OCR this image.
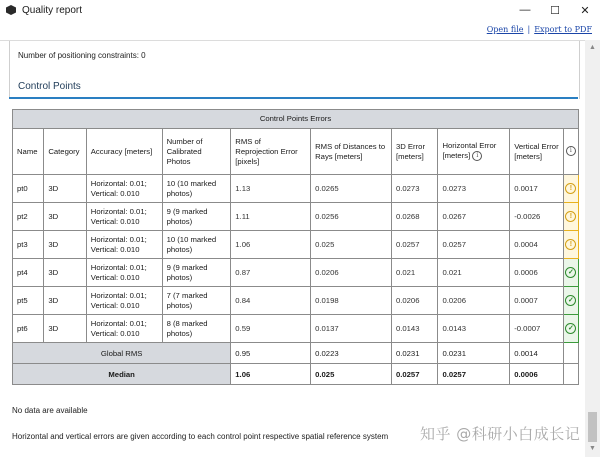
Quality report	—	☐	✕
Open file | Export to PDF
Number of positioning constraints: 0
Control Points
Control Points Errors									
Name	Category	Accuracy [meters]	Number of Calibrated Photos	RMS of Reprojection Error [pixels]	RMS of Distances to Rays [meters]	3D Error [meters]	Horizontal Error [meters] i	Vertical Error [meters]	i
pt0	3D	Horizontal: 0.01;
Vertical: 0.010	10 (10 marked photos)	1.13	0.0265	0.0273	0.0273	0.0017	!
pt2	3D	Horizontal: 0.01;
Vertical: 0.010	9 (9 marked photos)	1.11	0.0256	0.0268	0.0267	-0.0026	!
pt3	3D	Horizontal: 0.01;
Vertical: 0.010	10 (10 marked photos)	1.06	0.025	0.0257	0.0257	0.0004	!
pt4	3D	Horizontal: 0.01;
Vertical: 0.010	9 (9 marked photos)	0.87	0.0206	0.021	0.021	0.0006	✓
pt5	3D	Horizontal: 0.01;
Vertical: 0.010	7 (7 marked photos)	0.84	0.0198	0.0206	0.0206	0.0007	✓
pt6	3D	Horizontal: 0.01;
Vertical: 0.010	8 (8 marked photos)	0.59	0.0137	0.0143	0.0143	-0.0007	✓
Global RMS				0.95	0.0223	0.0231	0.0231	0.0014	
Median				1.06	0.025	0.0257	0.0257	0.0006	
No data are available
Horizontal and vertical errors are given according to each control point respective spatial reference system 知乎 @科研小白成长记
▲
▼
